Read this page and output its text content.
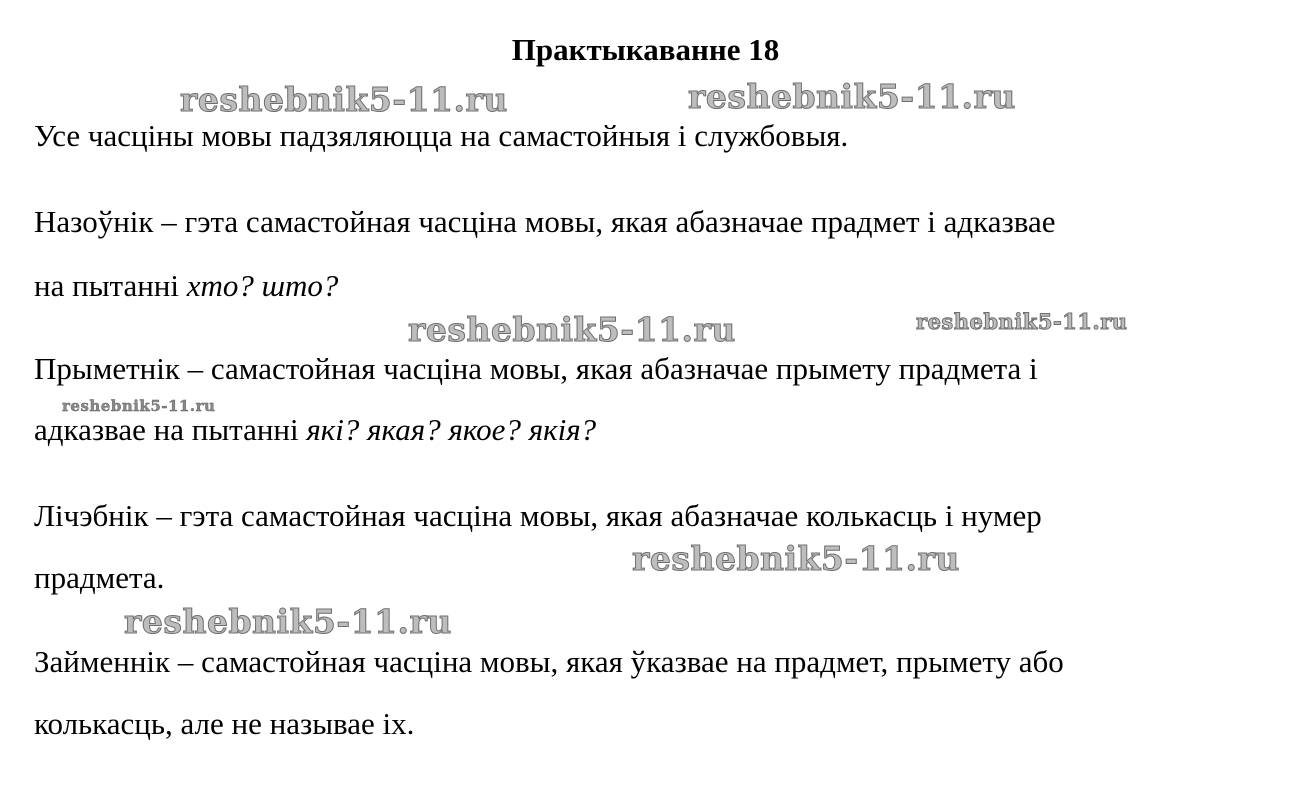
Практыкаванне 18
reshebnik5-11.ru	reshebnik5-11.ru
Усе часціны мовы падзяляюцца на самастойныя і службовыя.
Назоўнік – гэта самастойная часціна мовы, якая абазначае прадмет і адказвае
на пытанні хто? што?
reshebnik5-11.ru	reshebnik5-11.ru
Прыметнік – самастойная часціна мовы, якая абазначае прымету прадмета і
reshebnik5-11.ru
адказвае на пытанні які? якая? якое? якія?
Лічэбнік – гэта самастойная часціна мовы, якая абазначае колькасць і нумер
reshebnik5-11.ru
прадмета.
reshebnik5-11.ru
Займеннік – самастойная часціна мовы, якая ўказвае на прадмет, прымету або
колькасць, але не называе іх.
